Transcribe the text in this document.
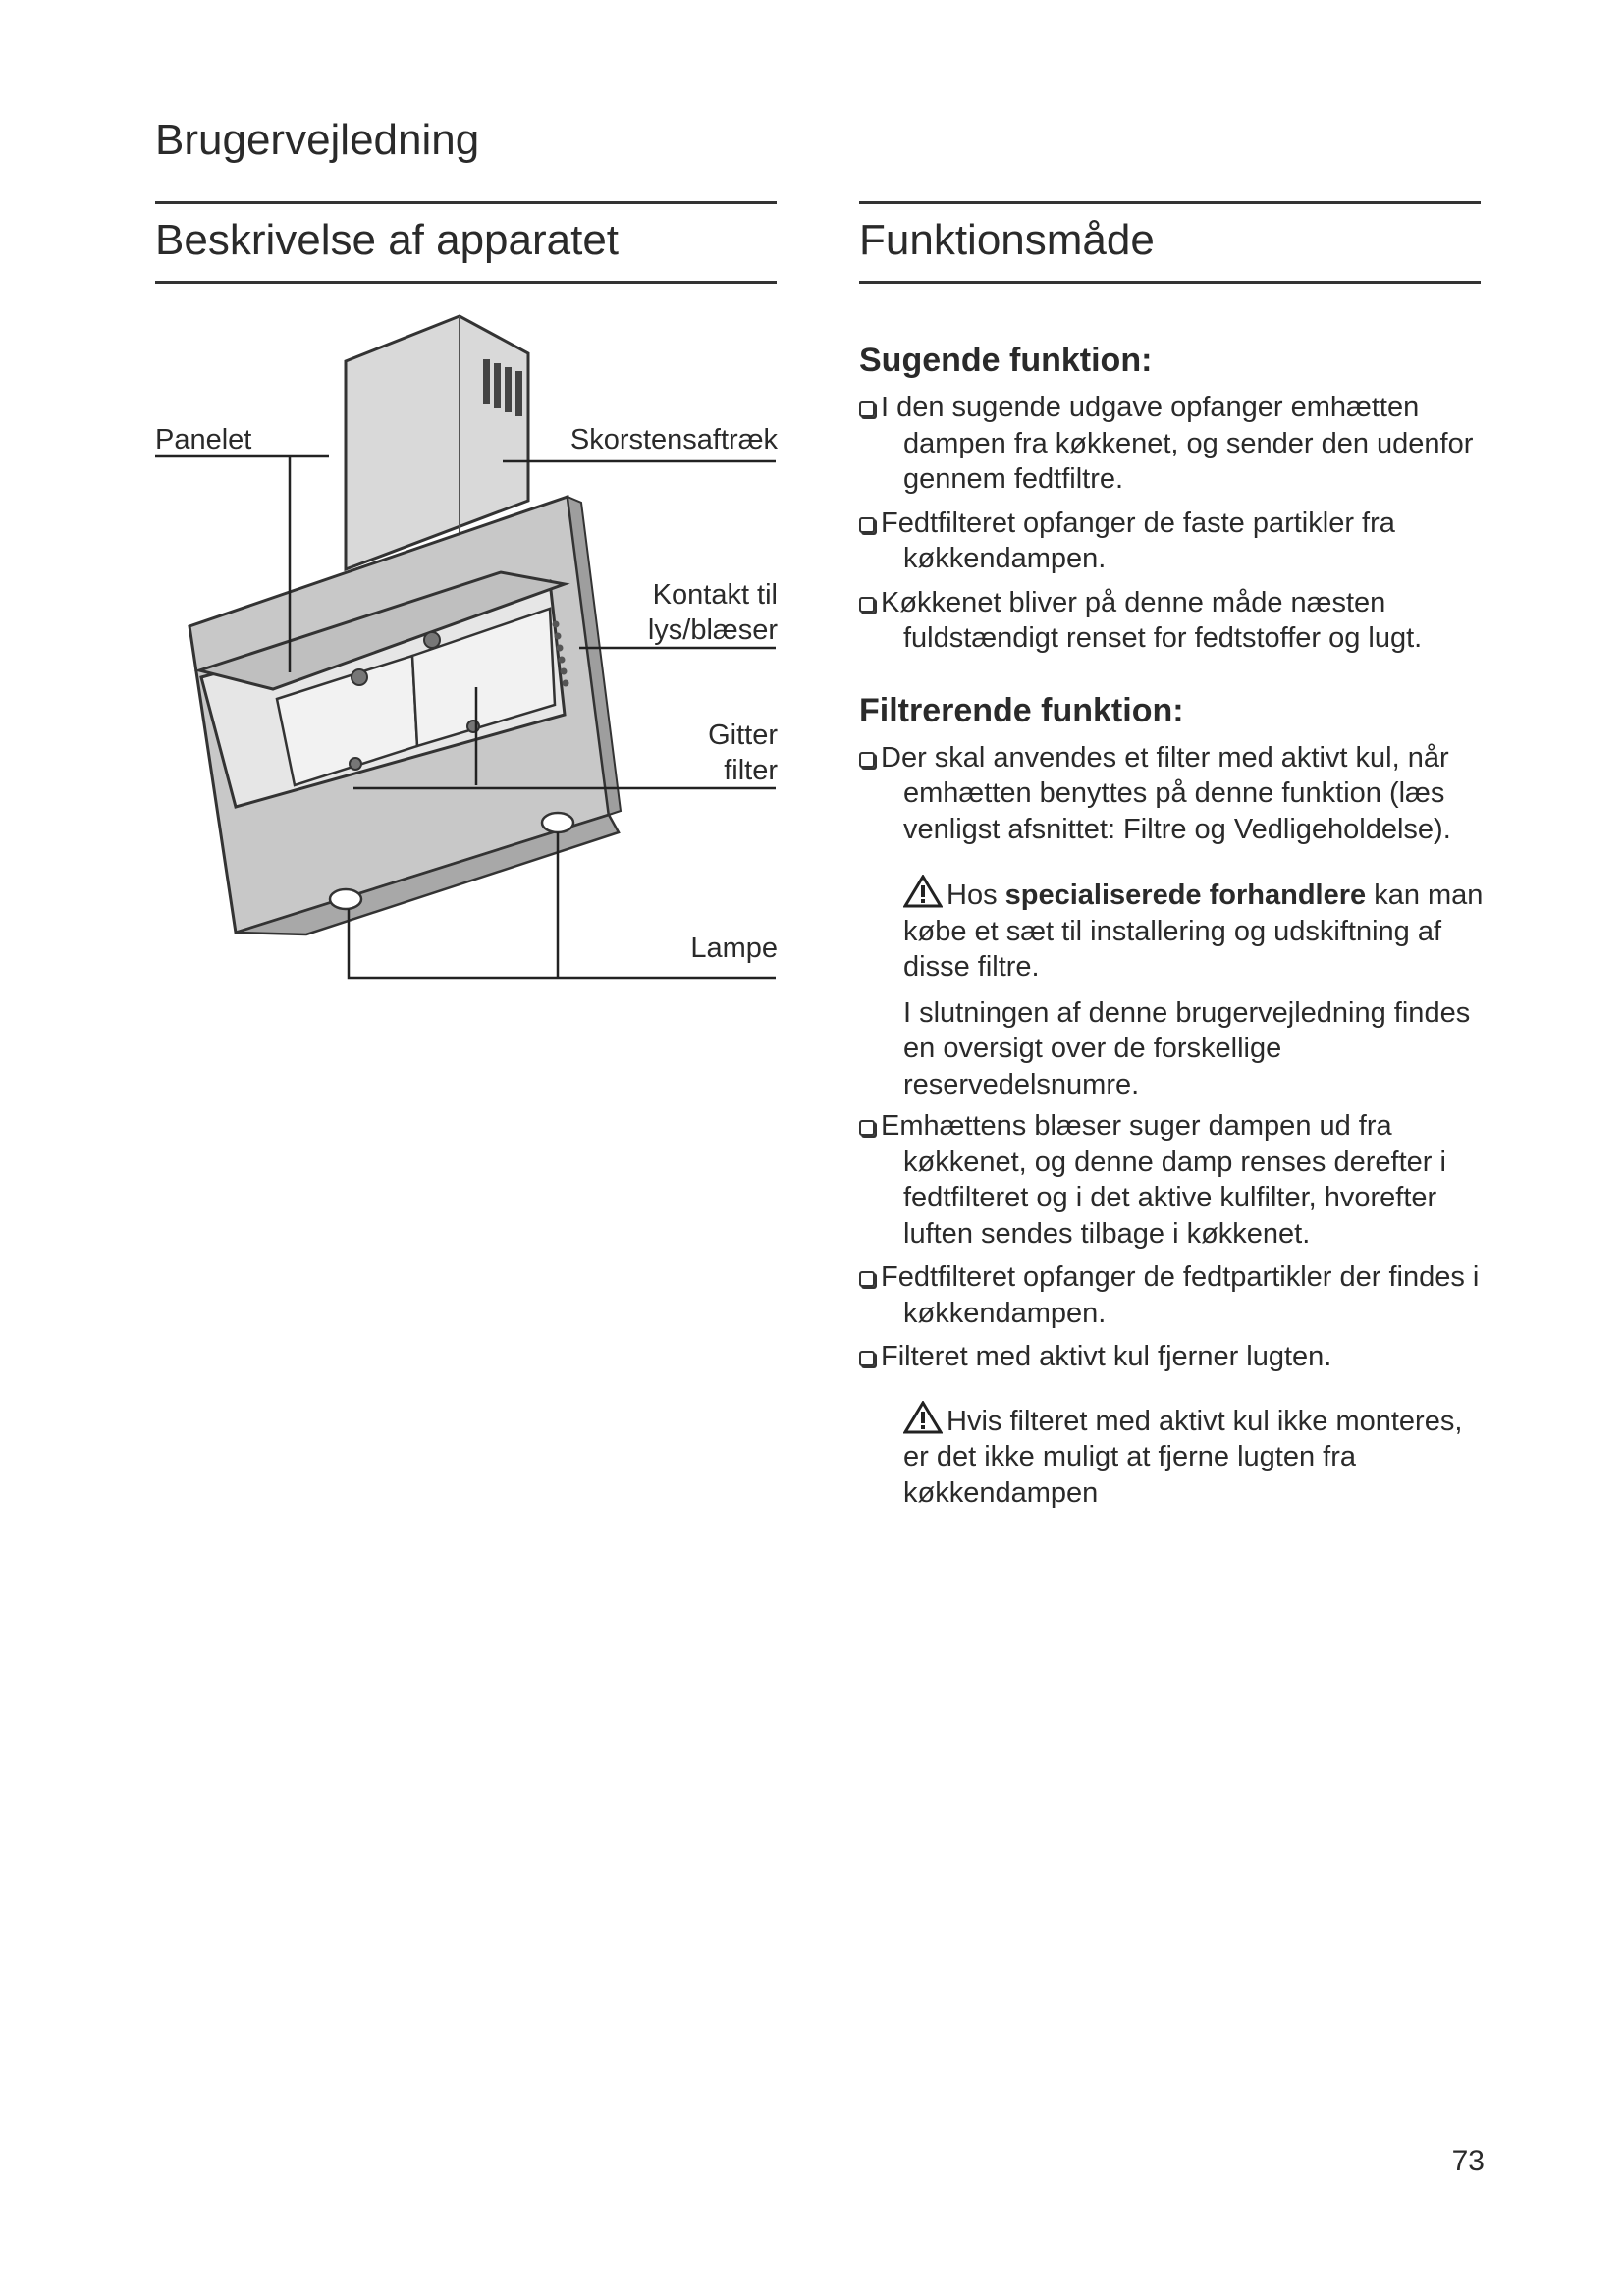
Brugervejledning
Beskrivelse af apparatet	Funktionsmåde
Panelet	Skorstensaftræk
Kontakt til
lys/blæser
Gitter
filter
Lampe
Sugende funktion:

I den sugende udgave opfanger emhætten dampen fra køkkenet, og sender den udenfor gennem fedtfiltre.

Fedtfilteret opfanger de faste partikler fra køkkendampen.

Køkkenet bliver på denne måde næsten fuldstændigt renset for fedtstoffer og lugt.

Filtrerende funktion:

Der skal anvendes et filter med aktivt kul, når emhætten benyttes på denne funktion (læs venligst afsnittet: Filtre og Vedligeholdelse).

Hos specialiserede forhandlere kan man købe et sæt til installering og udskiftning af disse filtre.

I slutningen af denne brugervejledning findes en oversigt over de forskellige reservedelsnumre.

Emhættens blæser suger dampen ud fra køkkenet, og denne damp renses derefter i fedtfilteret og i det aktive kulfilter, hvorefter luften sendes tilbage i køkkenet.

Fedtfilteret opfanger de fedtpartikler der findes i køkkendampen.

Filteret med aktivt kul fjerner lugten.

Hvis filteret med aktivt kul ikke monteres, er det ikke muligt at fjerne lugten fra køkkendampen

73
